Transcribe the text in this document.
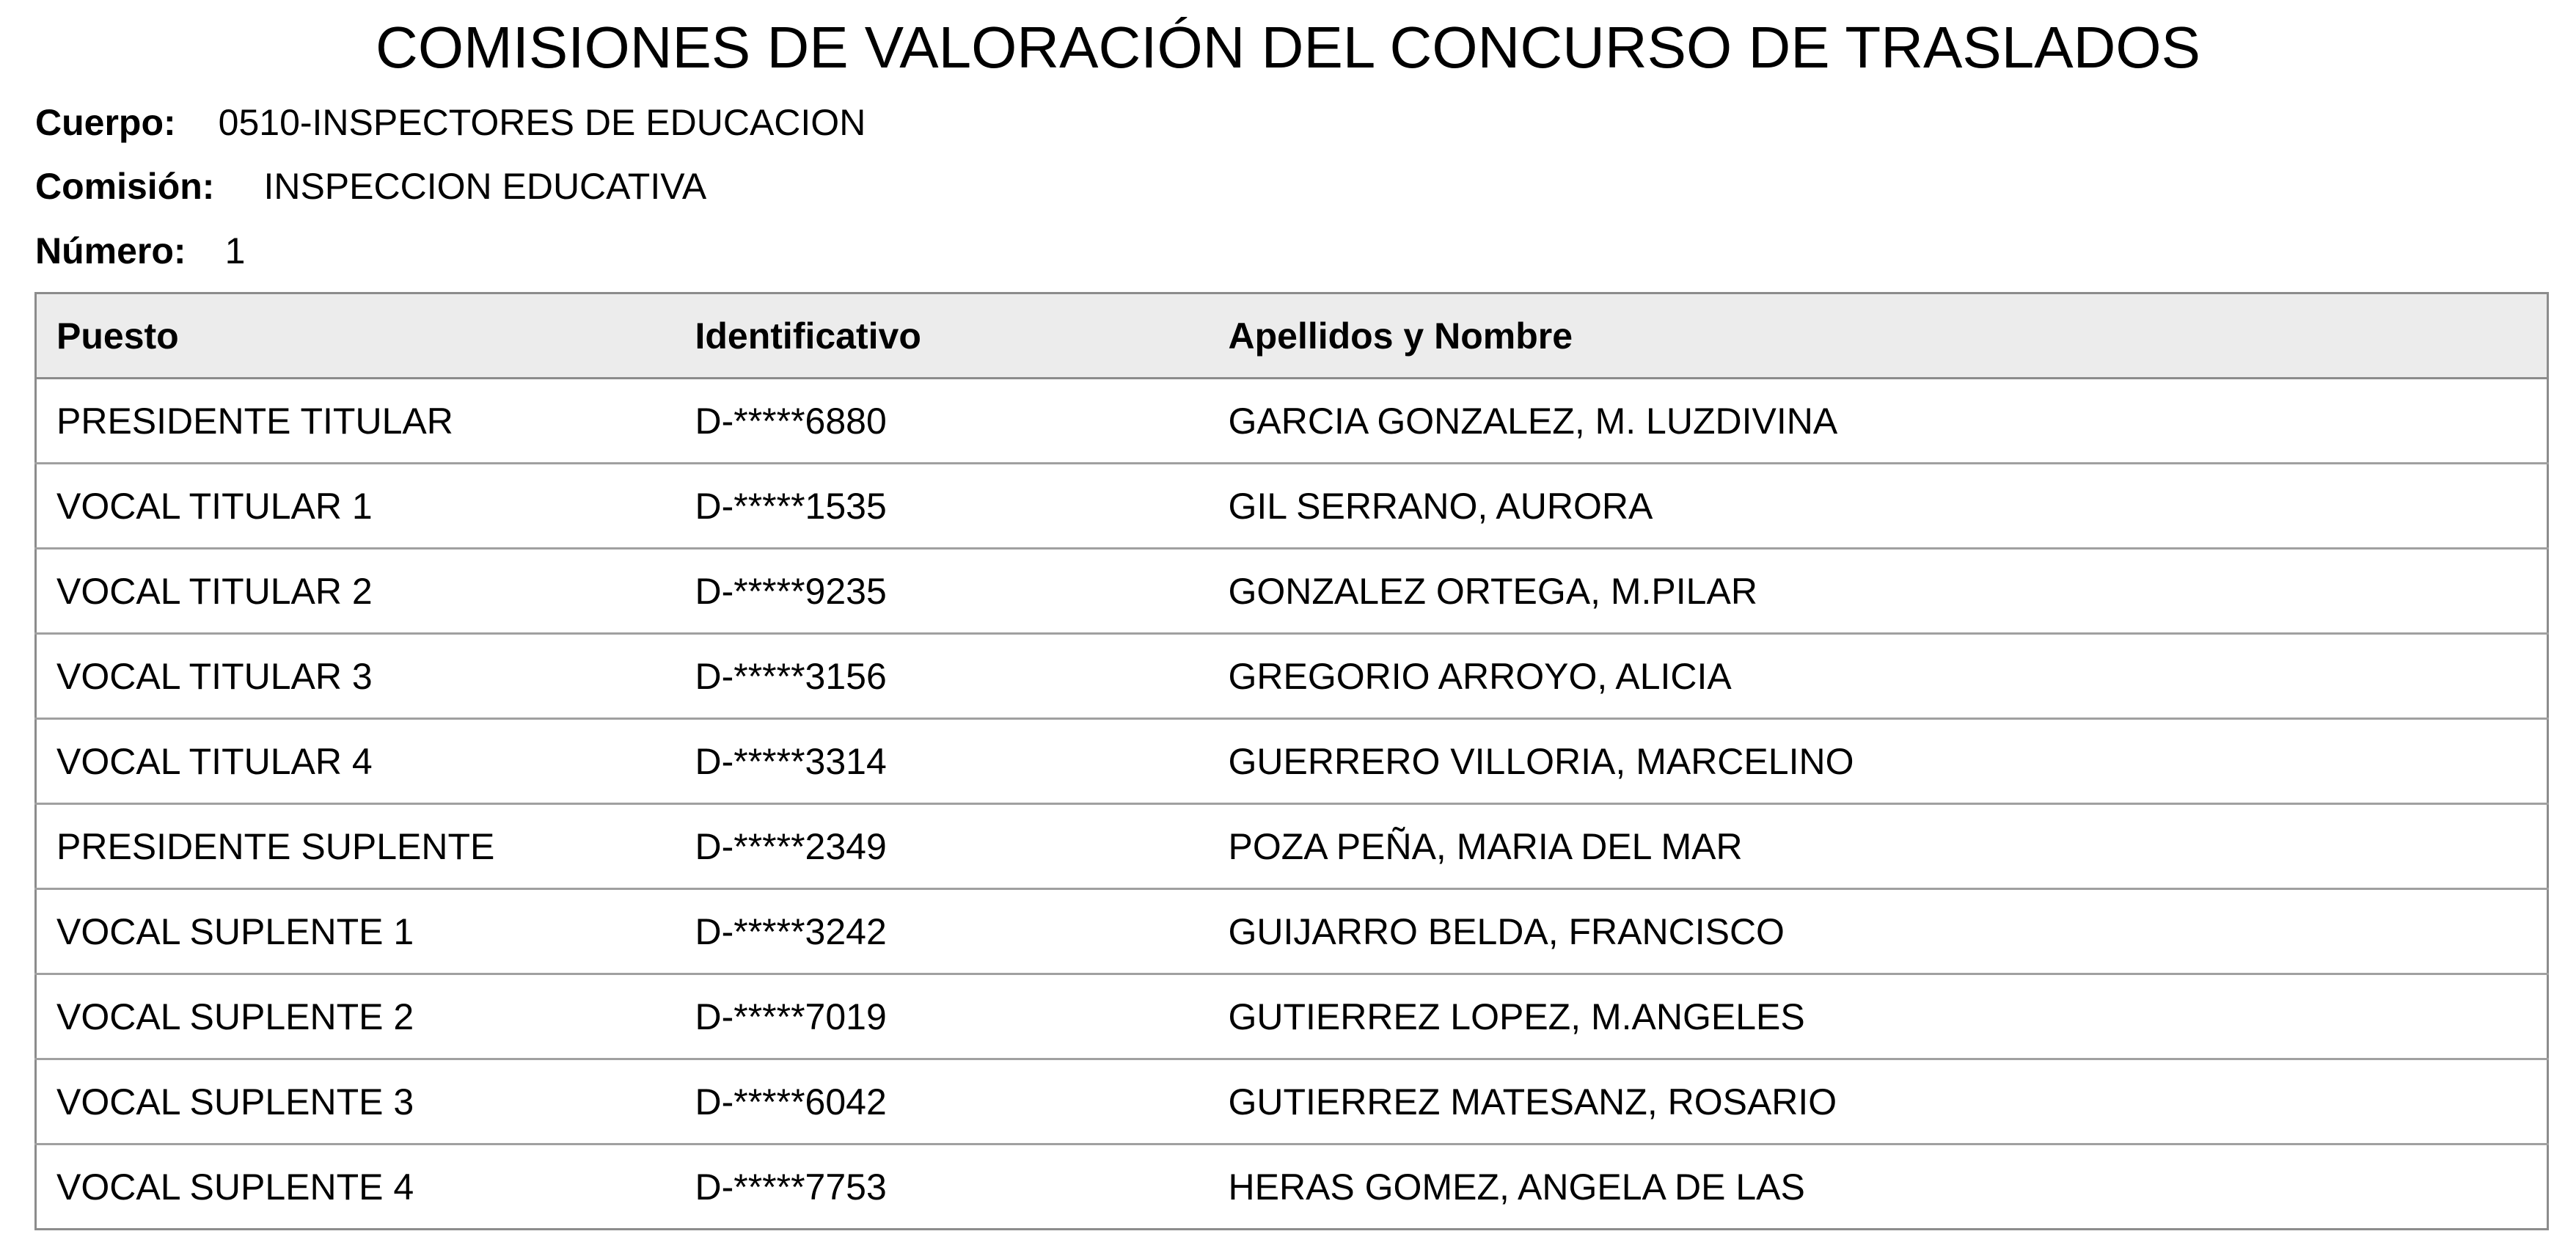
COMISIONES DE VALORACIÓN DEL CONCURSO DE TRASLADOS
Cuerpo: 0510-INSPECTORES DE EDUCACION
Comisión: INSPECCION EDUCATIVA
Número: 1
Puesto	Identificativo	Apellidos y Nombre
PRESIDENTE TITULAR	D-*****6880	GARCIA GONZALEZ, M. LUZDIVINA
VOCAL TITULAR 1	D-*****1535	GIL SERRANO, AURORA
VOCAL TITULAR 2	D-*****9235	GONZALEZ ORTEGA, M.PILAR
VOCAL TITULAR 3	D-*****3156	GREGORIO ARROYO, ALICIA
VOCAL TITULAR 4	D-*****3314	GUERRERO VILLORIA, MARCELINO
PRESIDENTE SUPLENTE	D-*****2349	POZA PEÑA, MARIA DEL MAR
VOCAL SUPLENTE 1	D-*****3242	GUIJARRO BELDA, FRANCISCO
VOCAL SUPLENTE 2	D-*****7019	GUTIERREZ LOPEZ, M.ANGELES
VOCAL SUPLENTE 3	D-*****6042	GUTIERREZ MATESANZ, ROSARIO
VOCAL SUPLENTE 4	D-*****7753	HERAS GOMEZ, ANGELA DE LAS
